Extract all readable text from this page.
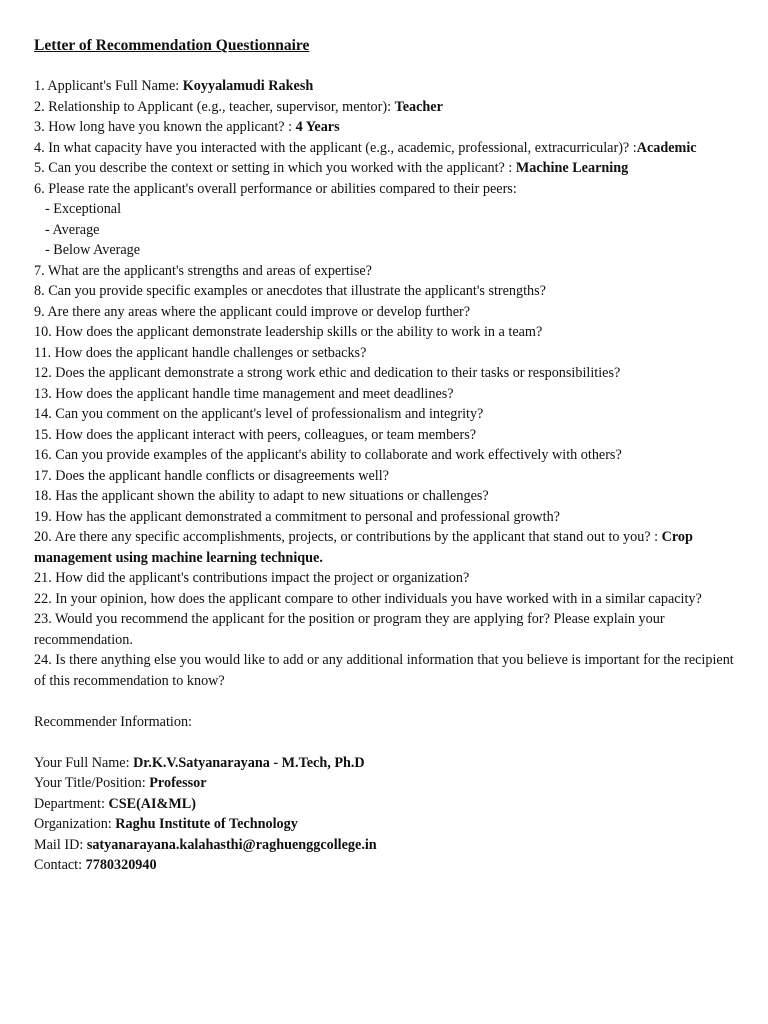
Letter of Recommendation Questionnaire
1. Applicant's Full Name: Koyyalamudi Rakesh
2. Relationship to Applicant (e.g., teacher, supervisor, mentor): Teacher
3. How long have you known the applicant? : 4 Years
4. In what capacity have you interacted with the applicant (e.g., academic, professional, extracurricular)? :Academic
5. Can you describe the context or setting in which you worked with the applicant? : Machine Learning
6. Please rate the applicant's overall performance or abilities compared to their peers:
- Exceptional
- Average
- Below Average
7. What are the applicant's strengths and areas of expertise?
8. Can you provide specific examples or anecdotes that illustrate the applicant's strengths?
9. Are there any areas where the applicant could improve or develop further?
10. How does the applicant demonstrate leadership skills or the ability to work in a team?
11. How does the applicant handle challenges or setbacks?
12. Does the applicant demonstrate a strong work ethic and dedication to their tasks or responsibilities?
13. How does the applicant handle time management and meet deadlines?
14. Can you comment on the applicant's level of professionalism and integrity?
15. How does the applicant interact with peers, colleagues, or team members?
16. Can you provide examples of the applicant's ability to collaborate and work effectively with others?
17. Does the applicant handle conflicts or disagreements well?
18. Has the applicant shown the ability to adapt to new situations or challenges?
19. How has the applicant demonstrated a commitment to personal and professional growth?
20. Are there any specific accomplishments, projects, or contributions by the applicant that stand out to you? : Crop management using machine learning technique.
21. How did the applicant's contributions impact the project or organization?
22. In your opinion, how does the applicant compare to other individuals you have worked with in a similar capacity?
23. Would you recommend the applicant for the position or program they are applying for? Please explain your recommendation.
24. Is there anything else you would like to add or any additional information that you believe is important for the recipient of this recommendation to know?
Recommender Information:
Your Full Name: Dr.K.V.Satyanarayana - M.Tech, Ph.D
Your Title/Position: Professor
Department: CSE(AI&ML)
Organization: Raghu Institute of Technology
Mail ID: satyanarayana.kalahasthi@raghuenggcollege.in
Contact: 7780320940
